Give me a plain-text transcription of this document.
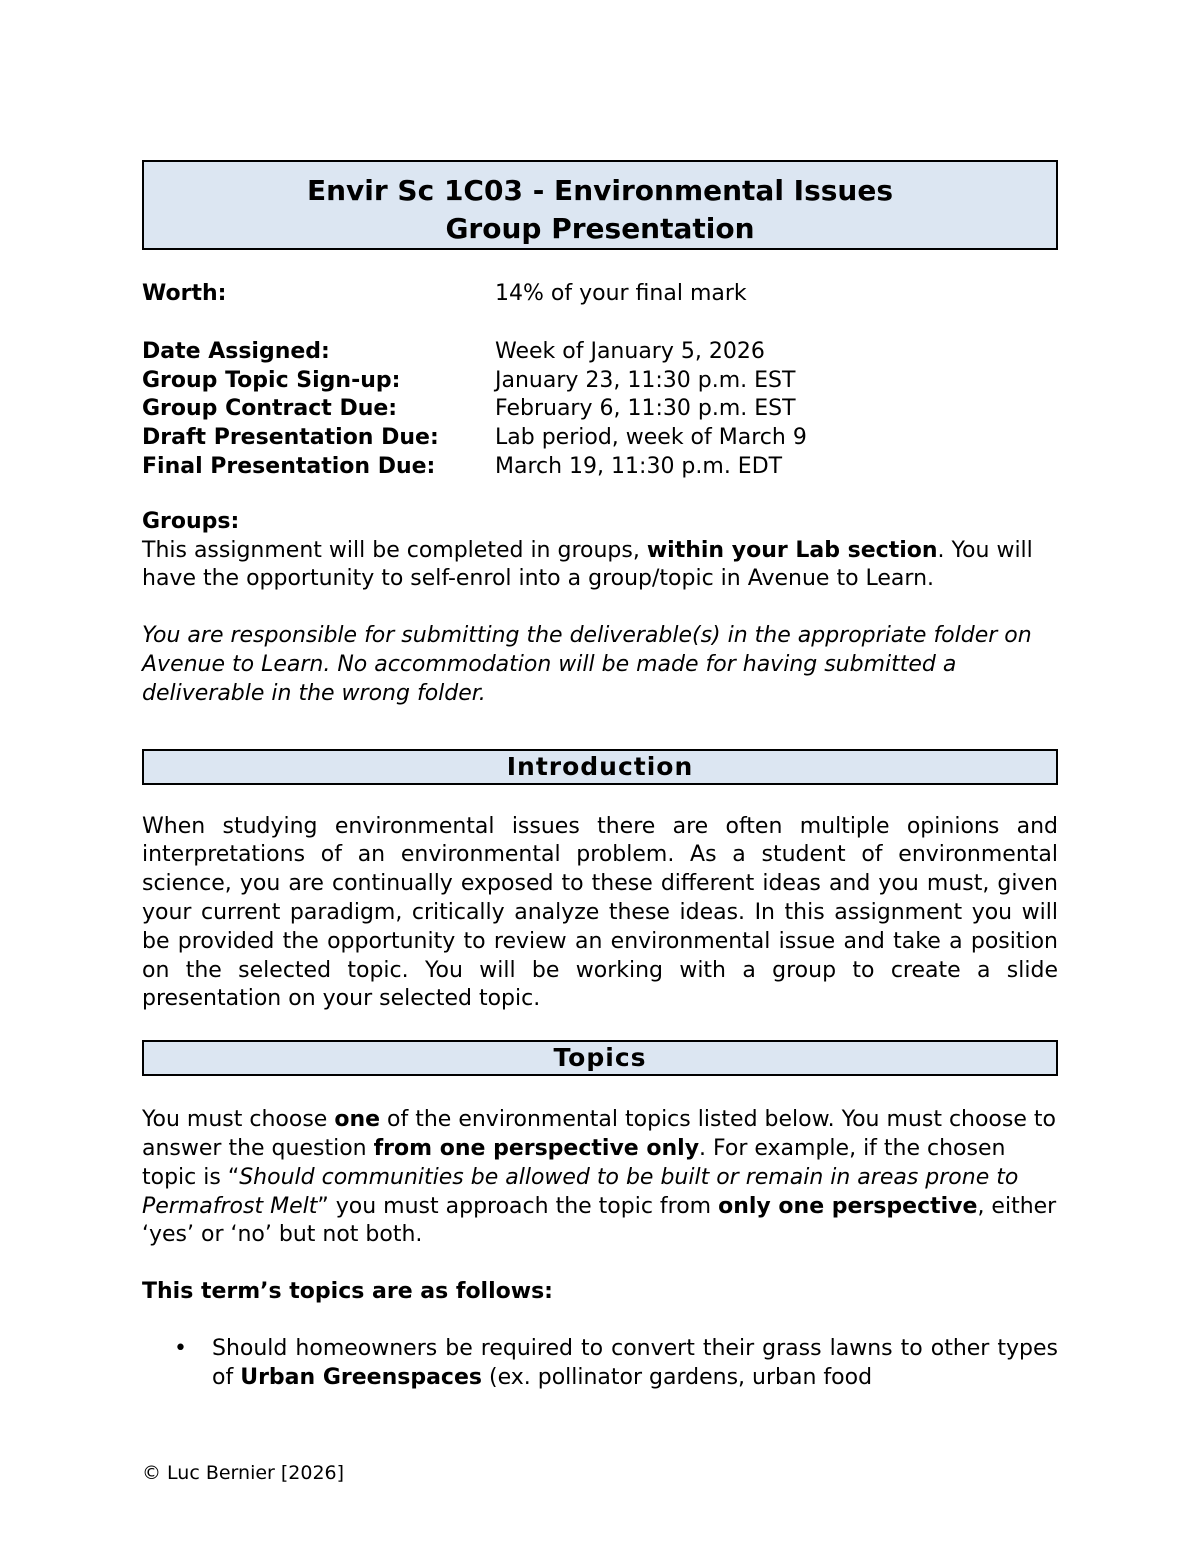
Envir Sc 1C03 - Environmental Issues
Group Presentation
Worth:	14% of your final mark
Date Assigned:	Week of January 5, 2026
Group Topic Sign-up:	January 23, 11:30 p.m. EST
Group Contract Due:	February 6, 11:30 p.m. EST
Draft Presentation Due:	Lab period, week of March 9
Final Presentation Due:	March 19, 11:30 p.m. EDT
Groups:

This assignment will be completed in groups, within your Lab section. You will have the opportunity to self-enrol into a group/topic in Avenue to Learn.

You are responsible for submitting the deliverable(s) in the appropriate folder on Avenue to Learn. No accommodation will be made for having submitted a deliverable in the wrong folder.

Introduction

When studying environmental issues there are often multiple opinions and interpretations of an environmental problem. As a student of environmental science, you are continually exposed to these different ideas and you must, given your current paradigm, critically analyze these ideas. In this assignment you will be provided the opportunity to review an environmental issue and take a position on the selected topic. You will be working with a group to create a slide presentation on your selected topic.

Topics

You must choose one of the environmental topics listed below. You must choose to answer the question from one perspective only. For example, if the chosen topic is “Should communities be allowed to be built or remain in areas prone to Permafrost Melt” you must approach the topic from only one perspective, either ‘yes’ or ‘no’ but not both.

This term’s topics are as follows:

•	Should homeowners be required to convert their grass lawns to other types of Urban Greenspaces (ex. pollinator gardens, urban food
© Luc Bernier [2026]
